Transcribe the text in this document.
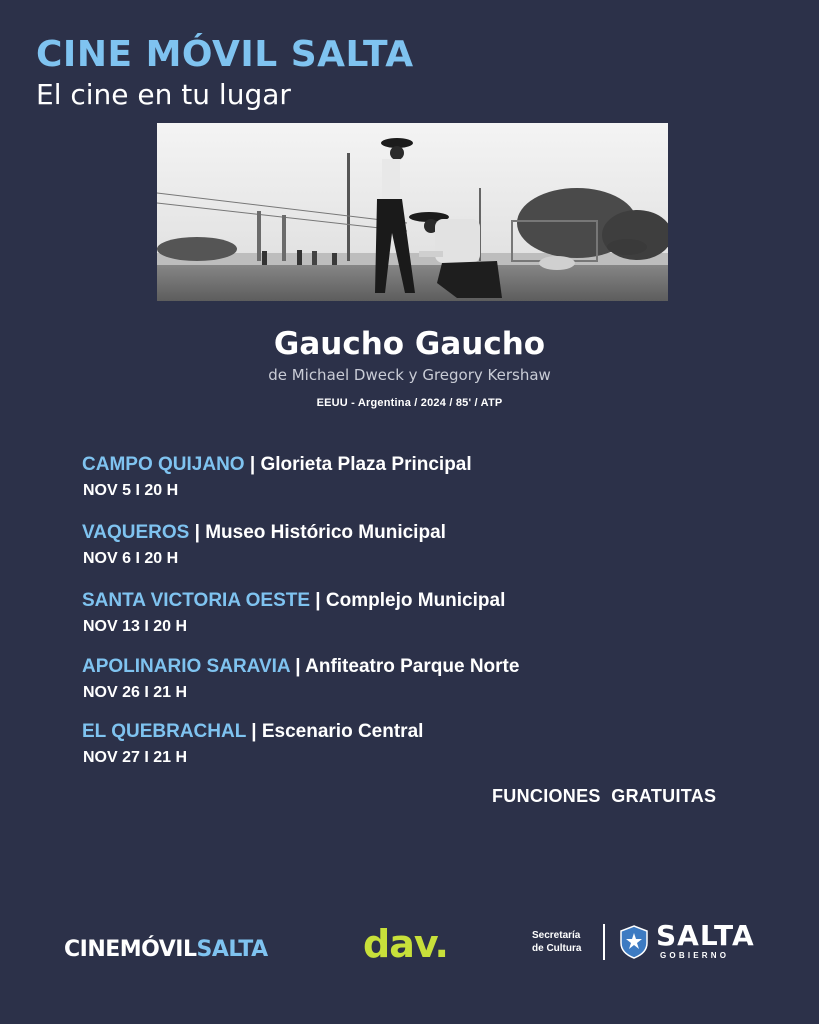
CINE MÓVIL SALTA
El cine en tu lugar
Gaucho Gaucho
de Michael Dweck y Gregory Kershaw
EEUU - Argentina / 2024 / 85' / ATP
CAMPO QUIJANO | Glorieta Plaza Principal
NOV 5 I 20 H
VAQUEROS | Museo Histórico Municipal
NOV 6 I 20 H
SANTA VICTORIA OESTE | Complejo Municipal
NOV 13 I 20 H
APOLINARIO SARAVIA | Anfiteatro Parque Norte
NOV 26 I 21 H
EL QUEBRACHAL | Escenario Central
NOV 27 I 21 H
FUNCIONES  GRATUITAS
CINEMÓVILSALTA	dav.	Secretaría
de Cultura	SALTA
GOBIERNO
